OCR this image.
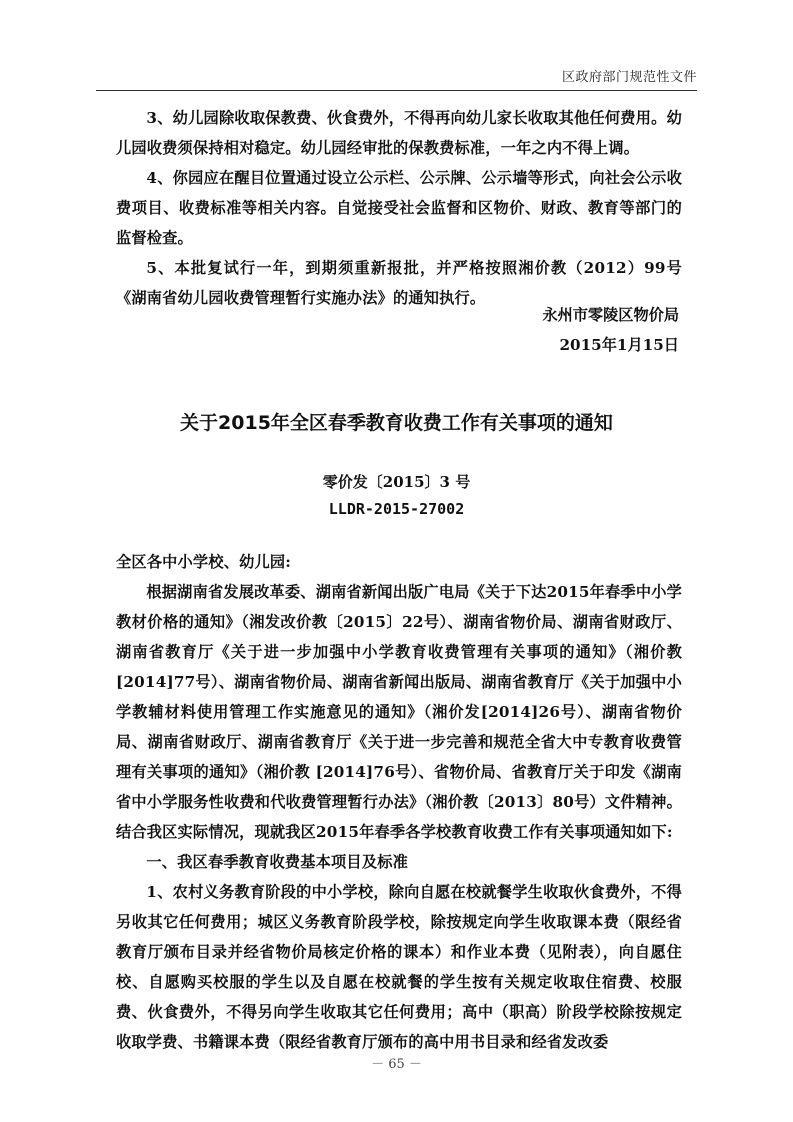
区政府部门规范性文件

3、幼儿园除收取保教费、伙食费外，不得再向幼儿家长收取其他任何费用。幼儿园收费须保持相对稳定。幼儿园经审批的保教费标准，一年之内不得上调。

4、你园应在醒目位置通过设立公示栏、公示牌、公示墙等形式，向社会公示收费项目、收费标准等相关内容。自觉接受社会监督和区物价、财政、教育等部门的监督检查。

5、本批复试行一年，到期须重新报批，并严格按照湘价教（2012）99号《湖南省幼儿园收费管理暂行实施办法》的通知执行。

永州市零陵区物价局
2015年1月15日
关于2015年全区春季教育收费工作有关事项的通知
零价发〔2015〕3 号
LLDR-2015-27002

全区各中小学校、幼儿园:

根据湖南省发展改革委、湖南省新闻出版广电局《关于下达2015年春季中小学教材价格的通知》（湘发改价教〔2015〕22号）、湖南省物价局、湖南省财政厅、湖南省教育厅《关于进一步加强中小学教育收费管理有关事项的通知》（湘价教[2014]77号）、湖南省物价局、湖南省新闻出版局、湖南省教育厅《关于加强中小学教辅材料使用管理工作实施意见的通知》（湘价发[2014]26号）、湖南省物价局、湖南省财政厅、湖南省教育厅《关于进一步完善和规范全省大中专教育收费管理有关事项的通知》（湘价教 [2014]76号）、省物价局、省教育厅关于印发《湖南省中小学服务性收费和代收费管理暂行办法》（湘价教〔2013〕80号）文件精神。结合我区实际情况，现就我区2015年春季各学校教育收费工作有关事项通知如下:

一、我区春季教育收费基本项目及标准

1、农村义务教育阶段的中小学校，除向自愿在校就餐学生收取伙食费外，不得另收其它任何费用；城区义务教育阶段学校，除按规定向学生收取课本费（限经省教育厅颁布目录并经省物价局核定价格的课本）和作业本费（见附表），向自愿住校、自愿购买校服的学生以及自愿在校就餐的学生按有关规定收取住宿费、校服费、伙食费外，不得另向学生收取其它任何费用；高中（职高）阶段学校除按规定收取学费、书籍课本费（限经省教育厅颁布的高中用书目录和经省发改委

－ 65 －
